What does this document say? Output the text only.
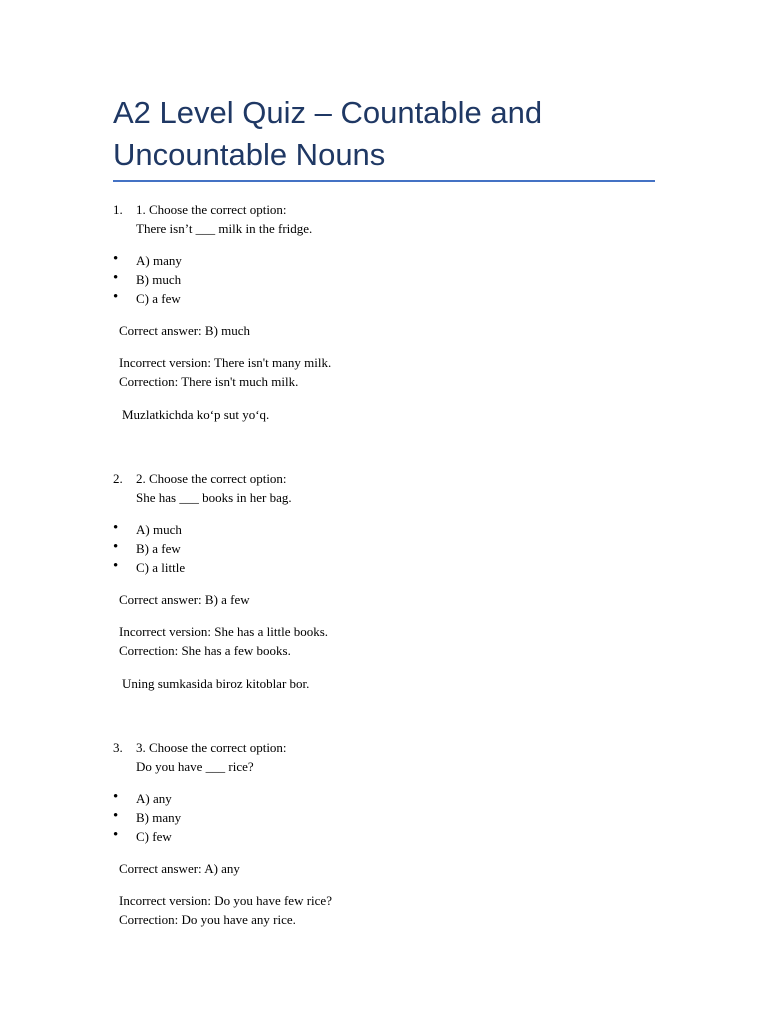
A2 Level Quiz – Countable and Uncountable Nouns
1. 1. Choose the correct option:
There isn’t ___ milk in the fridge.
• A) many
• B) much
• C) a few
Correct answer: B) much
Incorrect version: There isn't many milk.
Correction: There isn't much milk.
Muzlatkichda ko‘p sut yo‘q.
2. 2. Choose the correct option:
She has ___ books in her bag.
• A) much
• B) a few
• C) a little
Correct answer: B) a few
Incorrect version: She has a little books.
Correction: She has a few books.
Uning sumkasida biroz kitoblar bor.
3. 3. Choose the correct option:
Do you have ___ rice?
• A) any
• B) many
• C) few
Correct answer: A) any
Incorrect version: Do you have few rice?
Correction: Do you have any rice.
